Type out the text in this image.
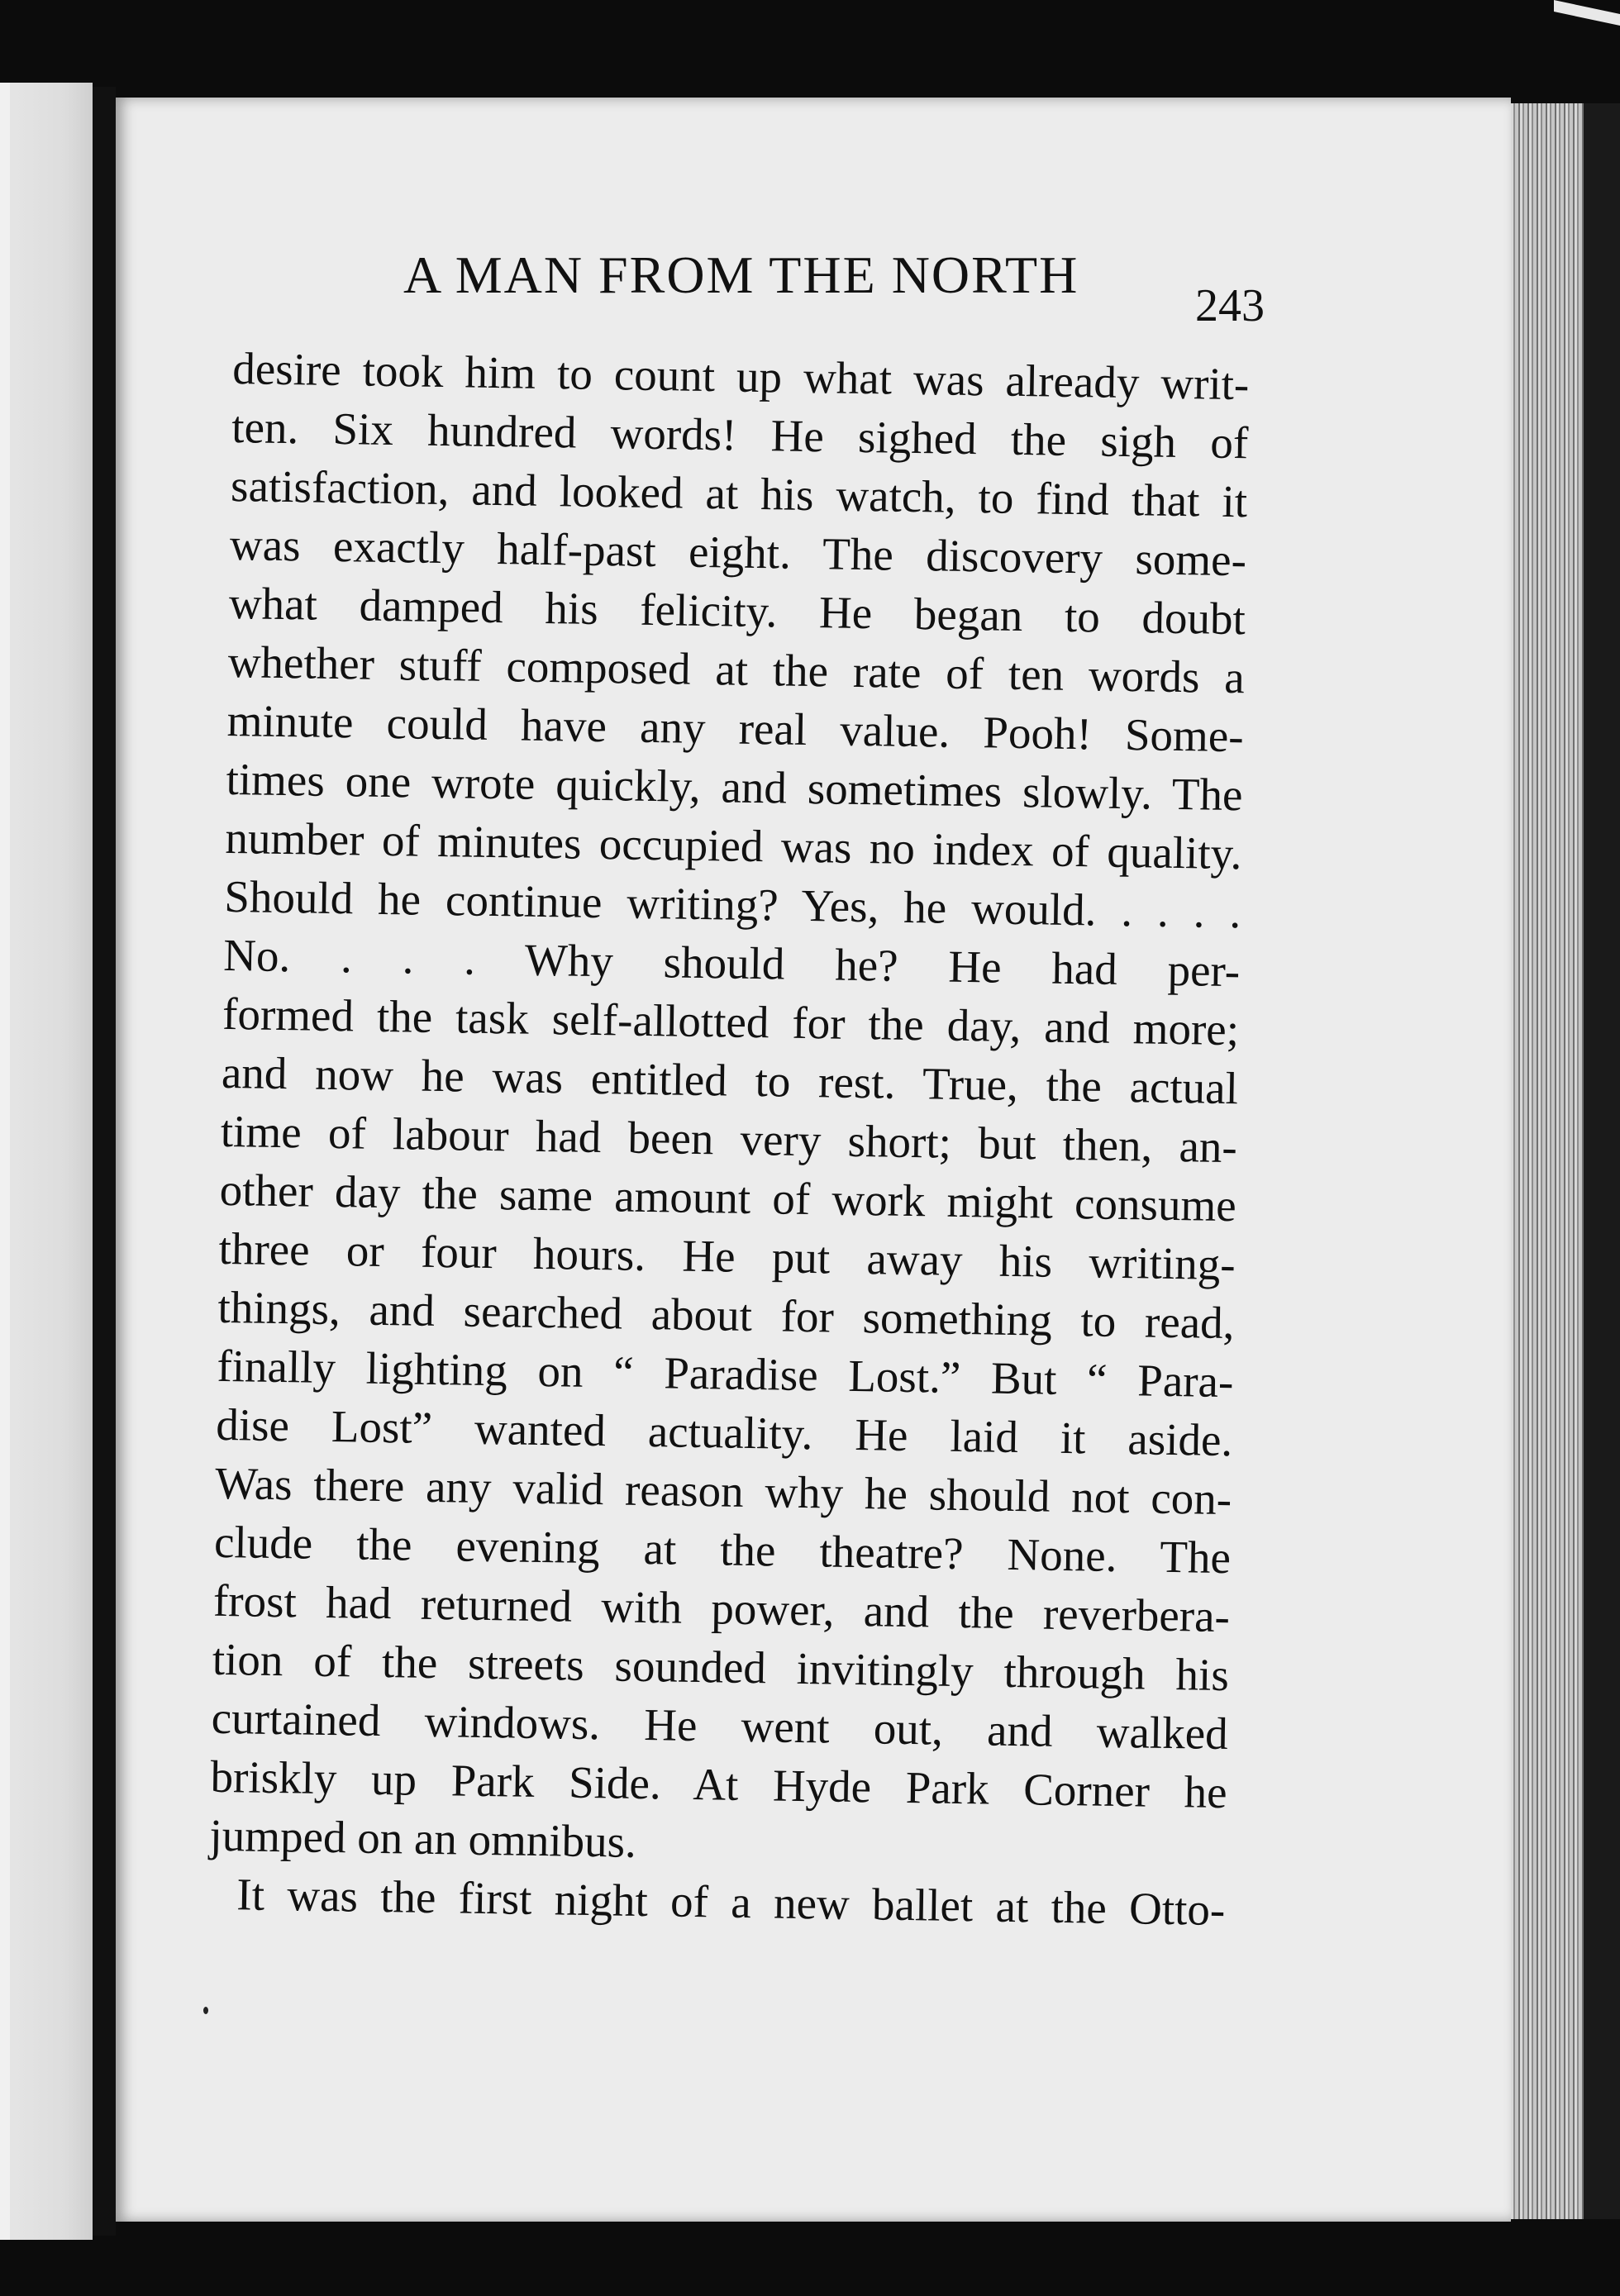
A MAN FROM THE NORTH
243
desire took him to count up what was already writ-
ten. Six hundred words! He sighed the sigh of
satisfaction, and looked at his watch, to find that it
was exactly half-past eight. The discovery some-
what damped his felicity. He began to doubt
whether stuff composed at the rate of ten words a
minute could have any real value. Pooh! Some-
times one wrote quickly, and sometimes slowly. The
number of minutes occupied was no index of quality.
Should he continue writing? Yes, he would. . . . .
No. . . . Why should he? He had per-
formed the task self-allotted for the day, and more;
and now he was entitled to rest. True, the actual
time of labour had been very short; but then, an-
other day the same amount of work might consume
three or four hours. He put away his writing-
things, and searched about for something to read,
finally lighting on “ Paradise Lost.” But “ Para-
dise Lost” wanted actuality. He laid it aside.
Was there any valid reason why he should not con-
clude the evening at the theatre? None. The
frost had returned with power, and the reverbera-
tion of the streets sounded invitingly through his
curtained windows. He went out, and walked
briskly up Park Side. At Hyde Park Corner he
jumped on an omnibus.
It was the first night of a new ballet at the Otto-
